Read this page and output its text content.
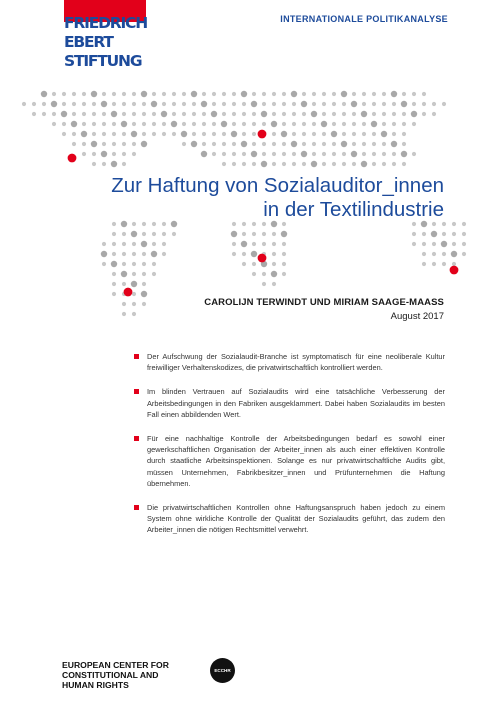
FRIEDRICH
EBERT
STIFTUNG
INTERNATIONALE POLITIKANALYSE
Zur Haftung von Sozialauditor_innen
in der Textilindustrie
CAROLIJN TERWINDT UND MIRIAM SAAGE-MAASS
August 2017
Der Aufschwung der Sozialaudit-Branche ist symptomatisch für eine neoliberale Kultur freiwilliger Verhaltenskodizes, die privatwirtschaftlich kontrolliert werden.
Im blinden Vertrauen auf Sozialaudits wird eine tatsächliche Verbesserung der Arbeitsbedingungen in den Fabriken ausgeklammert. Dabei haben Sozialaudits im besten Fall einen abbildenden Wert.
Für eine nachhaltige Kontrolle der Arbeitsbedingungen bedarf es sowohl einer gewerkschaftlichen Organisation der Arbeiter_innen als auch einer effektiven Kontrolle durch staatliche Arbeitsinspektionen. Solange es nur privatwirtschaftliche Audits gibt, müssen Unternehmen, Fabrikbesitzer_innen und Prüfunternehmen die Haftung übernehmen.
Die privatwirtschaftlichen Kontrollen ohne Haftungsanspruch haben jedoch zu einem System ohne wirkliche Kontrolle der Qualität der Sozialaudits geführt, das zudem den Arbeiter_innen die nötigen Rechtsmittel verwehrt.
EUROPEAN CENTER FOR
CONSTITUTIONAL AND
HUMAN RIGHTS
ECCHR
